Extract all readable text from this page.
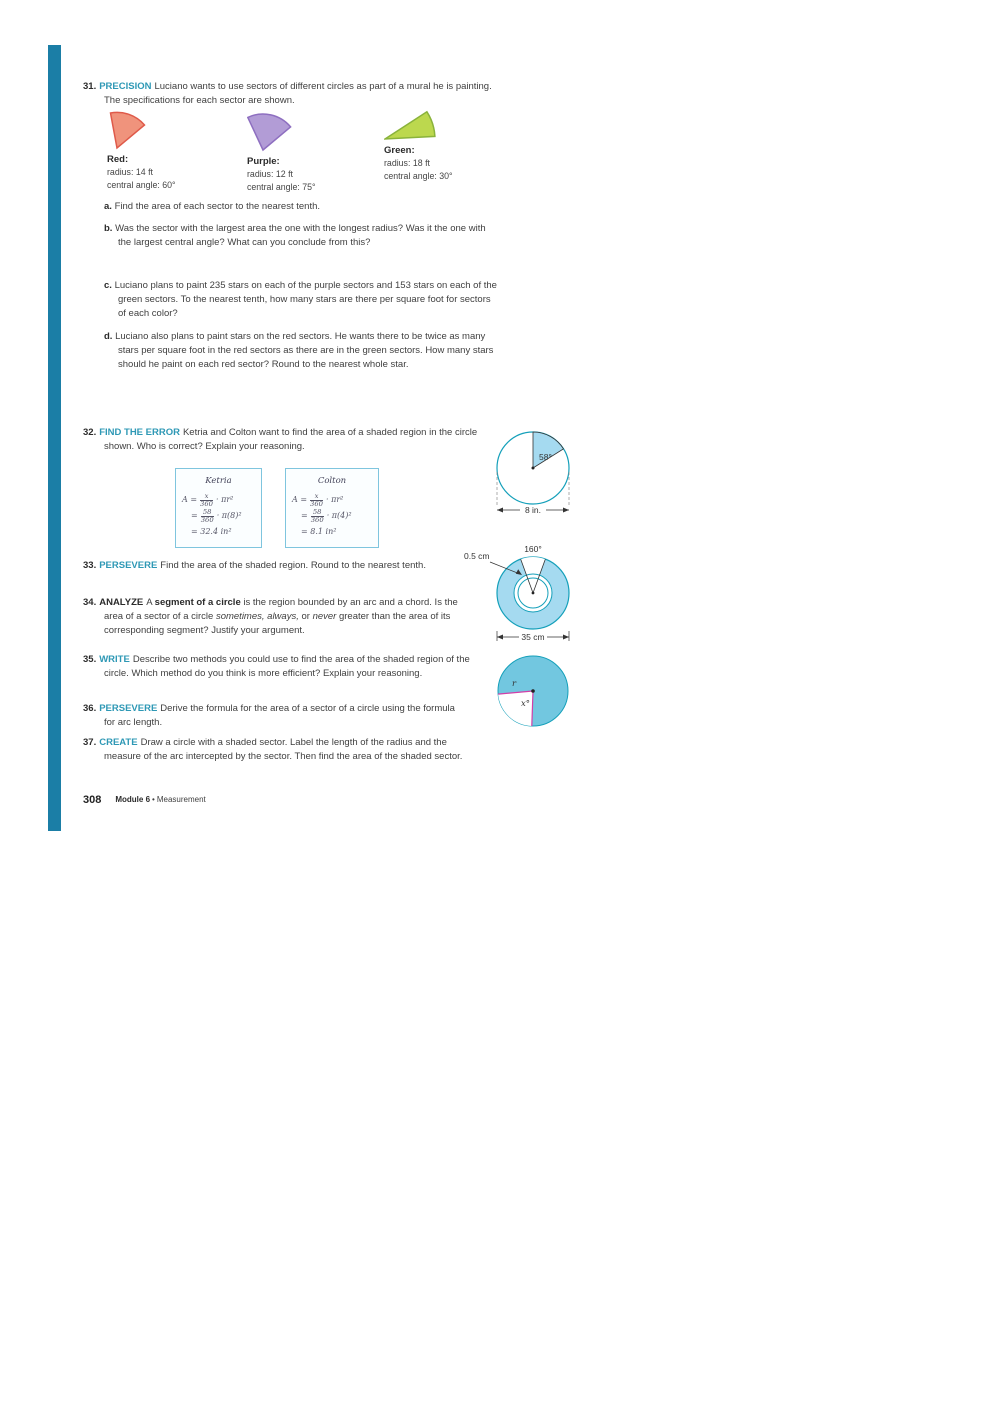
31. PRECISION Luciano wants to use sectors of different circles as part of a mural he is painting. The specifications for each sector are shown.

Red:
radius: 14 ft
central angle: 60°
Purple:
radius: 12 ft
central angle: 75°
Green:
radius: 18 ft
central angle: 30°

a. Find the area of each sector to the nearest tenth.

b. Was the sector with the largest area the one with the longest radius? Was it the one with the largest central angle? What can you conclude from this?

c. Luciano plans to paint 235 stars on each of the purple sectors and 153 stars on each of the green sectors. To the nearest tenth, how many stars are there per square foot for sectors of each color?

d. Luciano also plans to paint stars on the red sectors. He wants there to be twice as many stars per square foot in the red sectors as there are in the green sectors. How many stars should he paint on each red sector? Round to the nearest whole star.

32. FIND THE ERROR Ketria and Colton want to find the area of a shaded region in the circle shown. Who is correct? Explain your reasoning.

Ketria
$A = \frac{x}{360} \cdot \pi r^2$
= $\frac{58}{360} \cdot \pi(8)^2$
= 32.4 in²
Colton
$A = \frac{x}{360} \cdot \pi r^2$
= $\frac{58}{360} \cdot \pi(4)^2$
= 8.1 in²
58°
8 in.

33. PERSEVERE Find the area of the shaded region. Round to the nearest tenth.

160°
0.5 cm
35 cm

34. ANALYZE A segment of a circle is the region bounded by an arc and a chord. Is the area of a sector of a circle sometimes, always, or never greater than the area of its corresponding segment? Justify your argument.

35. WRITE Describe two methods you could use to find the area of the shaded region of the circle. Which method do you think is more efficient? Explain your reasoning.

r
x°

36. PERSEVERE Derive the formula for the area of a sector of a circle using the formula for arc length.

37. CREATE Draw a circle with a shaded sector. Label the length of the radius and the measure of the arc intercepted by the sector. Then find the area of the shaded sector.

308 Module 6 • Measurement
